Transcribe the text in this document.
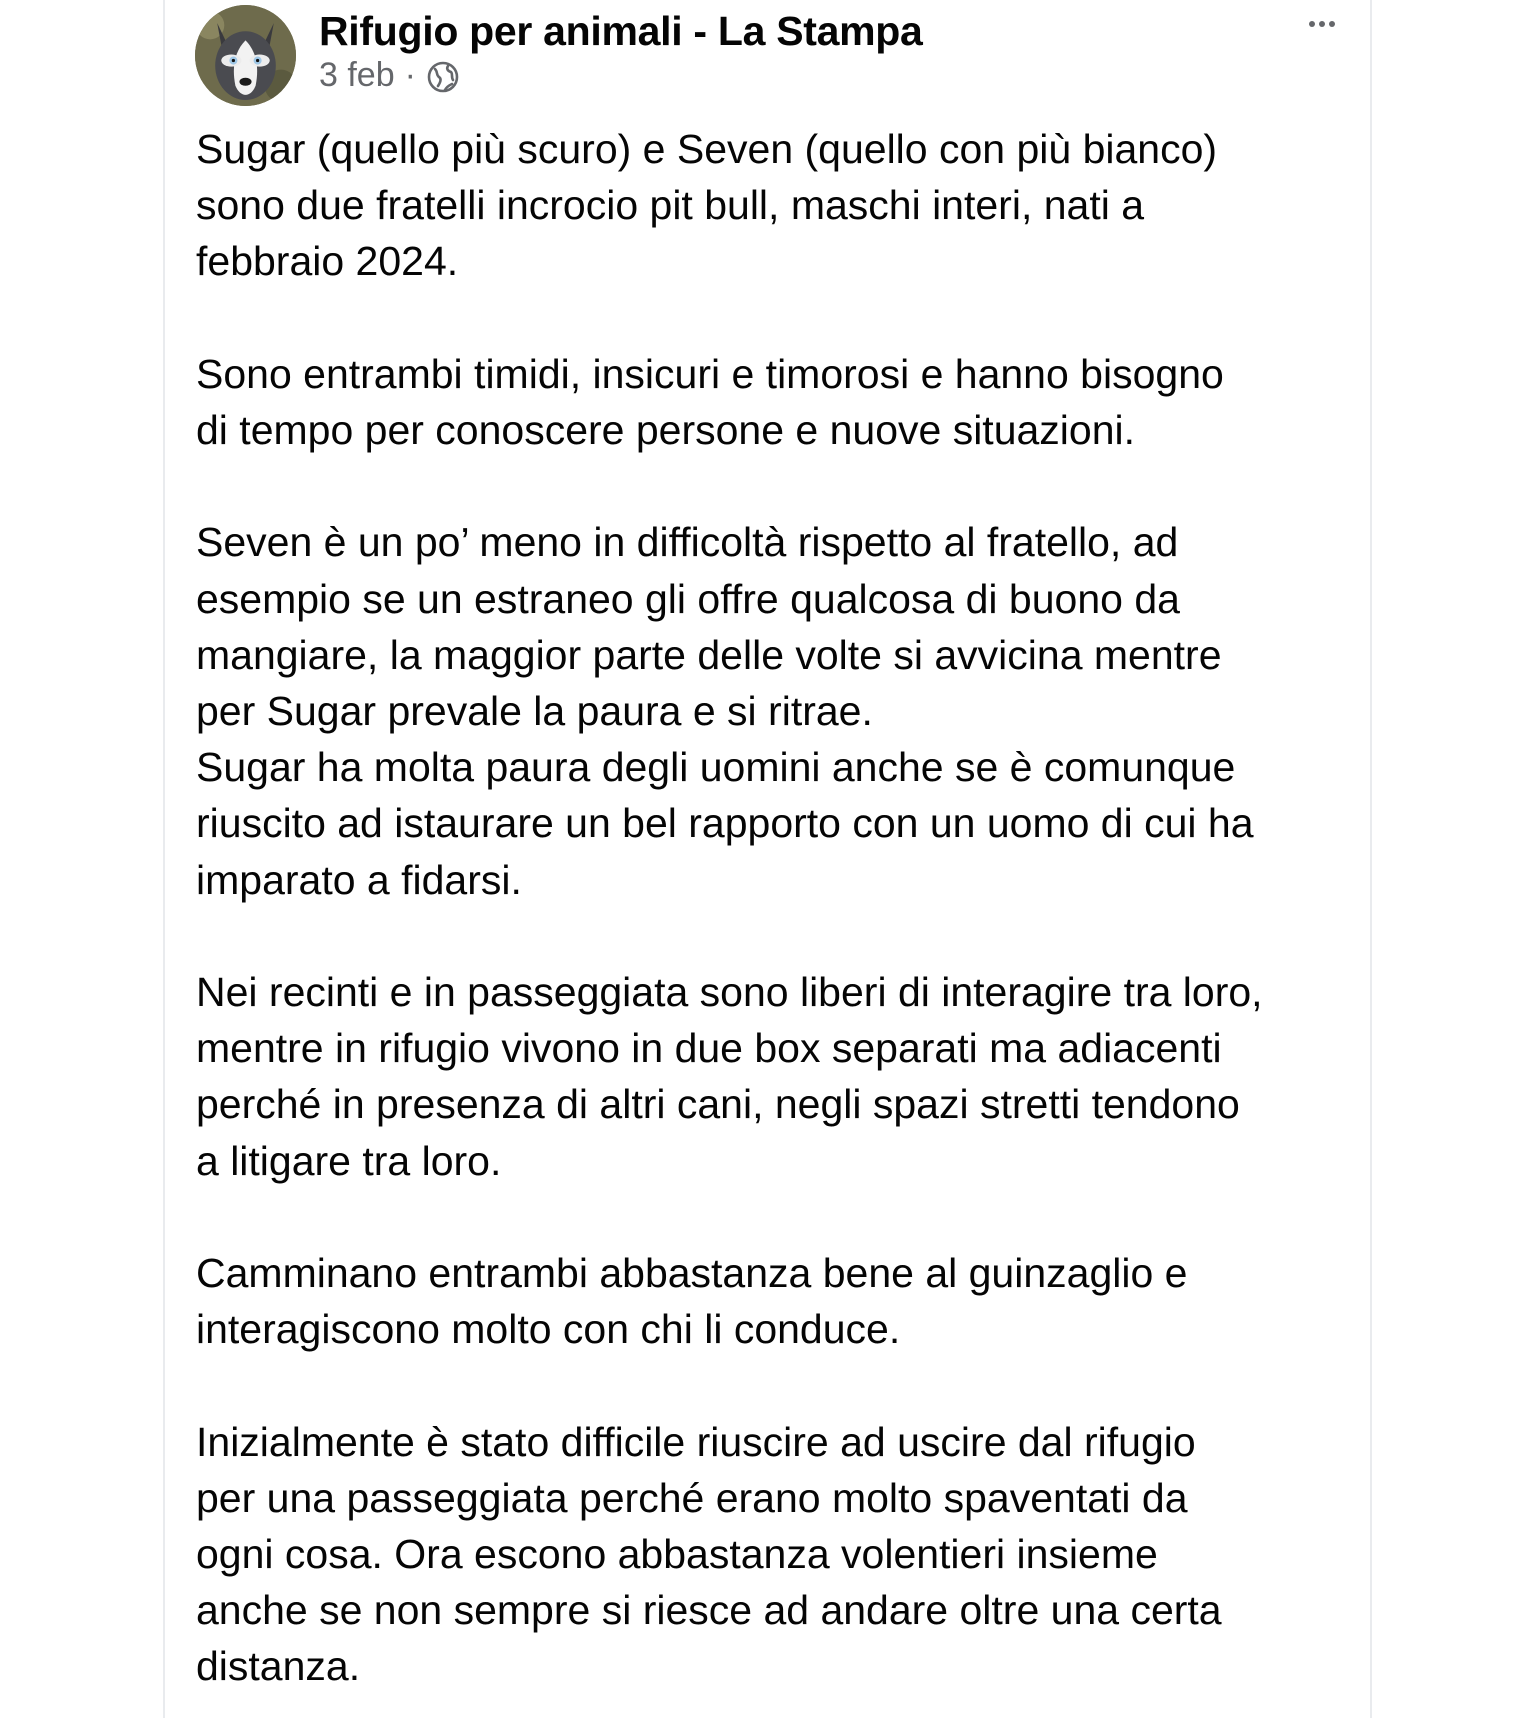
Rifugio per animali - La Stampa
3 feb ·

Sugar (quello più scuro) e Seven (quello con più bianco)
sono due fratelli incrocio pit bull, maschi interi, nati a
febbraio 2024.

Sono entrambi timidi, insicuri e timorosi e hanno bisogno
di tempo per conoscere persone e nuove situazioni.

Seven è un po’ meno in difficoltà rispetto al fratello, ad
esempio se un estraneo gli offre qualcosa di buono da
mangiare, la maggior parte delle volte si avvicina mentre
per Sugar prevale la paura e si ritrae.
Sugar ha molta paura degli uomini anche se è comunque
riuscito ad istaurare un bel rapporto con un uomo di cui ha
imparato a fidarsi.

Nei recinti e in passeggiata sono liberi di interagire tra loro,
mentre in rifugio vivono in due box separati ma adiacenti
perché in presenza di altri cani, negli spazi stretti tendono
a litigare tra loro.

Camminano entrambi abbastanza bene al guinzaglio e
interagiscono molto con chi li conduce.

Inizialmente è stato difficile riuscire ad uscire dal rifugio
per una passeggiata perché erano molto spaventati da
ogni cosa. Ora escono abbastanza volentieri insieme
anche se non sempre si riesce ad andare oltre una certa
distanza.
